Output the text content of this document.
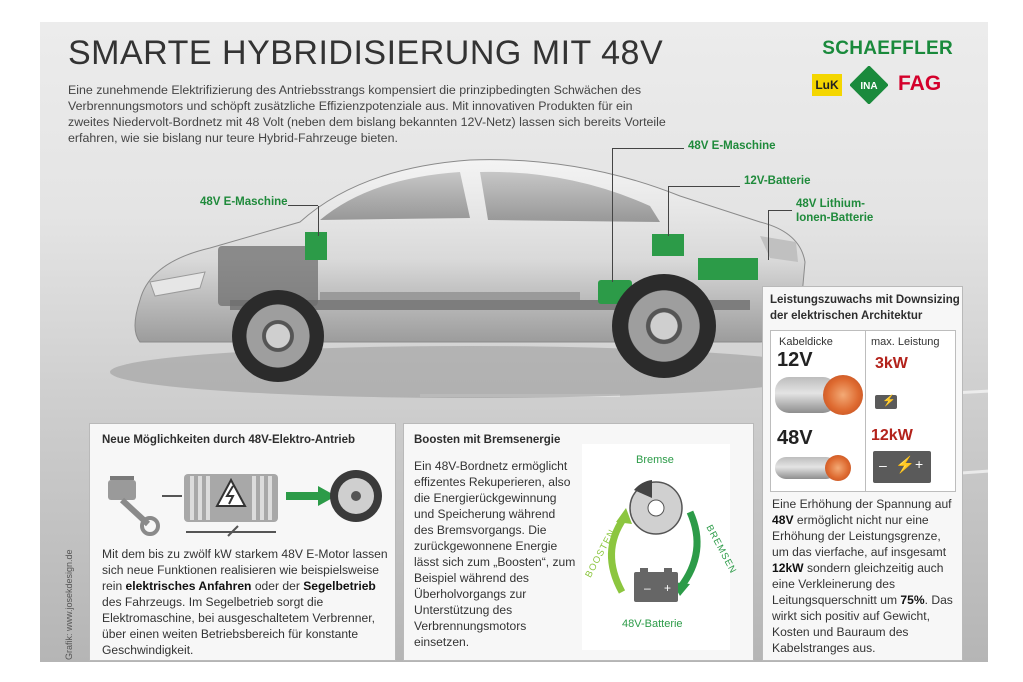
48V E-Maschine
48V E-Maschine
12V-Batterie
48V Lithium-
Ionen-Batterie
SMARTE HYBRIDISIERUNG MIT 48V
Eine zunehmende Elektrifizierung des Antriebsstrangs kompensiert die prinzipbedingten Schwächen des Verbrennungsmotors und schöpft zusätzliche Effizienzpotenziale aus. Mit innovativen Produkten für ein zweites Niedervolt-Bordnetz mit 48 Volt (neben dem bislang bekannten 12V-Netz) lassen sich bereits Vorteile erfahren, wie sie bislang nur teure Hybrid-Fahrzeuge bieten.
SCHAEFFLER
LuK	INA FAG
Neue Möglichkeiten durch 48V-Elektro-Antrieb
Mit dem bis zu zwölf kW starkem 48V E-Motor lassen sich neue Funktionen realisieren wie beispielsweise rein elektrisches Anfahren oder der Segelbetrieb des Fahrzeugs. Im Segelbetrieb sorgt die Elektromaschine, bei ausgeschaltetem Verbrenner, über einen weiten Betriebsbereich für konstante Geschwindigkeit.
Boosten mit Bremsenergie
Ein 48V-Bordnetz ermöglicht effizentes Rekuperieren, also die Energierückgewinnung und Speicherung während des Bremsvorgangs. Die zurückgewonnene Energie lässt sich zum „Boosten“, zum Beispiel während des Überholvorgangs zur Unterstützung des Verbrennungsmotors einsetzen.
Bremse
– +
BOOSTEN	BREMSEN
48V-Batterie
Leistungszuwachs mit Downsizing
der elektrischen Architektur
Kabeldicke	max. Leistung
12V	3kW
⚡
48V	12kW
– ⚡ +
Eine Erhöhung der Spannung auf 48V ermöglicht nicht nur eine Erhöhung der Leistungsgrenze, um das vierfache, auf insgesamt 12kW sondern gleichzeitig auch eine Verkleinerung des Leitungsquerschnitt um 75%. Das wirkt sich positiv auf Gewicht, Kosten und Bauraum des Kabelstranges aus.
Grafik: www.josekdesign.de
